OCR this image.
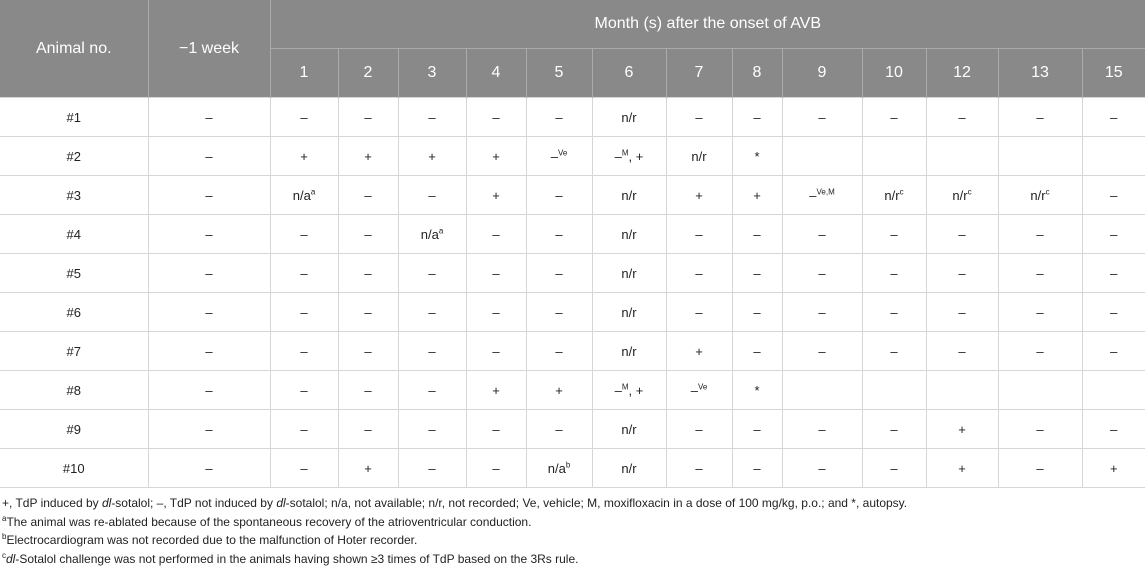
Animal no.	−1 week	Month (s) after the onset of AVB												
		1	2	3	4	5	6	7	8	9	10	12	13	15
#1	–	–	–	–	–	–	n/r	–	–	–	–	–	–	–
#2	–	+	+	+	+	–$^{Ve}$	–$^M$, +	n/r	*					
#3	–	$n/a^a$	–	–	+	–	n/r	+	+	–$^{Ve,M}$	$n/r^c$	$n/r^c$	$n/r^c$	–
#4	–	–	–	$n/a^a$	–	–	n/r	–	–	–	–	–	–	–
#5	–	–	–	–	–	–	n/r	–	–	–	–	–	–	–
#6	–	–	–	–	–	–	n/r	–	–	–	–	–	–	–
#7	–	–	–	–	–	–	n/r	+	–	–	–	–	–	–
#8	–	–	–	–	+	+	–$^M$, +	–$^{Ve}$	*					
#9	–	–	–	–	–	–	n/r	–	–	–	–	+	–	–
#10	–	–	+	–	–	$n/a^b$	n/r	–	–	–	–	+	–	+

+, TdP induced by dl-sotalol; –, TdP not induced by dl-sotalol; n/a, not available; n/r, not recorded; Ve, vehicle; M, moxifloxacin in a dose of 100 mg/kg, p.o.; and *, autopsy.

$^a$The animal was re-ablated because of the spontaneous recovery of the atrioventricular conduction.

$^b$Electrocardiogram was not recorded due to the malfunction of Hoter recorder.

$^c$dl-Sotalol challenge was not performed in the animals having shown ≥3 times of TdP based on the 3Rs rule.
